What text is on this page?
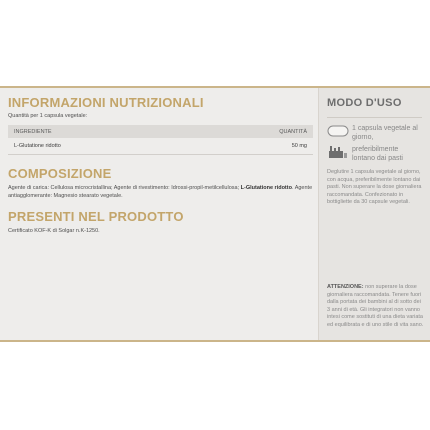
INFORMAZIONI NUTRIZIONALI
Quantità per 1 capsula vegetale:
INGREDIENTE	QUANTITÀ
L-Glutatione ridotto	50 mg
COMPOSIZIONE
Agente di carica: Cellulosa microcristallina; Agente di rivestimento: Idrossi-propil-metilcellulosa; L-Glutatione ridotto. Agente antiagglomerante: Magnesio stearato vegetale.
PRESENTI NEL PRODOTTO
Certificato KOF-K di Solgar n.K-1250.
MODO D'USO
1 capsula vegetale al giorno,
preferibilmente lontano dai pasti
Deglutire 1 capsula vegetale al giorno, con acqua, preferibilmente lontano dai pasti. Non superare la dose giornaliera raccomandata. Confezionato in bottigliette da 30 capsule vegetali.
ATTENZIONE: non superare la dose giornaliera raccomandata. Tenere fuori dalla portata dei bambini al di sotto dei 3 anni di età. Gli integratori non vanno intesi come sostituti di una dieta variata ed equilibrata e di uno stile di vita sano.
